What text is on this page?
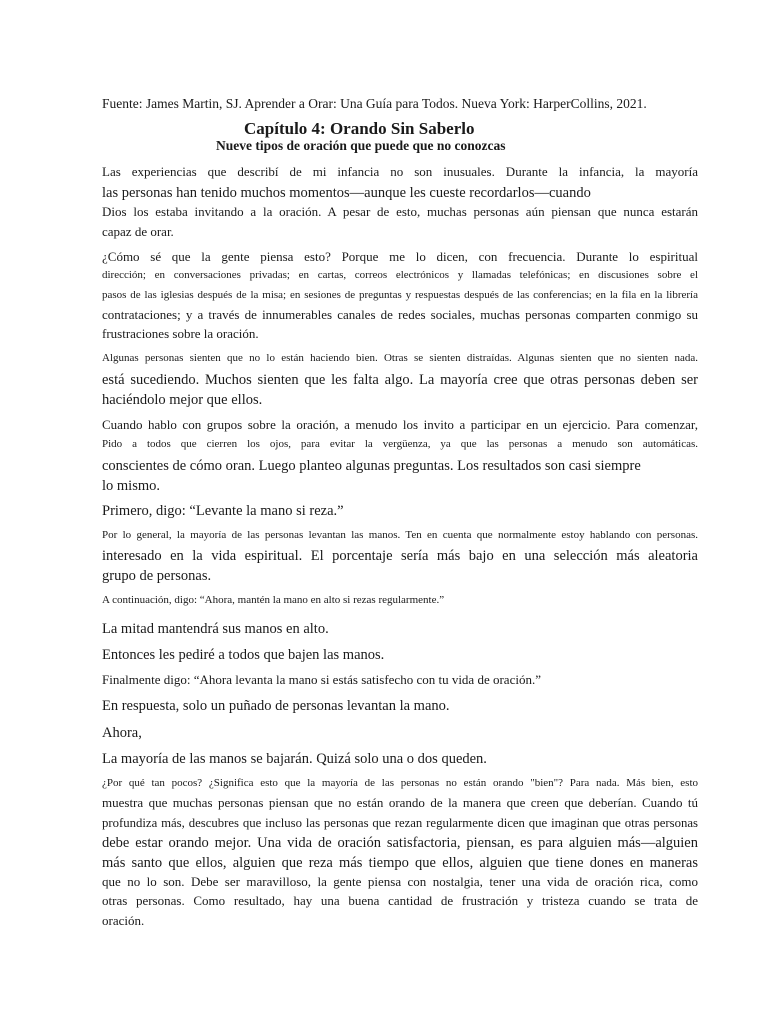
Fuente: James Martin, SJ. Aprender a Orar: Una Guía para Todos. Nueva York: HarperCollins, 2021.
Capítulo 4: Orando Sin Saberlo
Nueve tipos de oración que puede que no conozcas
Las experiencias que describí de mi infancia no son inusuales. Durante la infancia, la mayoría
las personas han tenido muchos momentos—aunque les cueste recordarlos—cuando
Dios los estaba invitando a la oración. A pesar de esto, muchas personas aún piensan que nunca estarán
capaz de orar.
¿Cómo sé que la gente piensa esto? Porque me lo dicen, con frecuencia. Durante lo espiritual
dirección; en conversaciones privadas; en cartas, correos electrónicos y llamadas telefónicas; en discusiones sobre el
pasos de las iglesias después de la misa; en sesiones de preguntas y respuestas después de las conferencias; en la fila en la librería
contrataciones; y a través de innumerables canales de redes sociales, muchas personas comparten conmigo su
frustraciones sobre la oración.
Algunas personas sienten que no lo están haciendo bien. Otras se sienten distraídas. Algunas sienten que no sienten nada.
está sucediendo. Muchos sienten que les falta algo. La mayoría cree que otras personas deben ser
haciéndolo mejor que ellos.
Cuando hablo con grupos sobre la oración, a menudo los invito a participar en un ejercicio. Para comenzar,
Pido a todos que cierren los ojos, para evitar la vergüenza, ya que las personas a menudo son automáticas.
conscientes de cómo oran. Luego planteo algunas preguntas. Los resultados son casi siempre
lo mismo.
Primero, digo: “Levante la mano si reza.”
Por lo general, la mayoría de las personas levantan las manos. Ten en cuenta que normalmente estoy hablando con personas.
interesado en la vida espiritual. El porcentaje sería más bajo en una selección más aleatoria
grupo de personas.
A continuación, digo: “Ahora, mantén la mano en alto si rezas regularmente.”
La mitad mantendrá sus manos en alto.
Entonces les pediré a todos que bajen las manos.
Finalmente digo: “Ahora levanta la mano si estás satisfecho con tu vida de oración.”
En respuesta, solo un puñado de personas levantan la mano.
Ahora,
La mayoría de las manos se bajarán. Quizá solo una o dos queden.
¿Por qué tan pocos? ¿Significa esto que la mayoría de las personas no están orando "bien"? Para nada. Más bien, esto
muestra que muchas personas piensan que no están orando de la manera que creen que deberían. Cuando tú
profundiza más, descubres que incluso las personas que rezan regularmente dicen que imaginan que otras personas
debe estar orando mejor. Una vida de oración satisfactoria, piensan, es para alguien más—alguien
más santo que ellos, alguien que reza más tiempo que ellos, alguien que tiene dones en maneras
que no lo son. Debe ser maravilloso, la gente piensa con nostalgia, tener una vida de oración rica, como
otras personas. Como resultado, hay una buena cantidad de frustración y tristeza cuando se trata de
oración.
